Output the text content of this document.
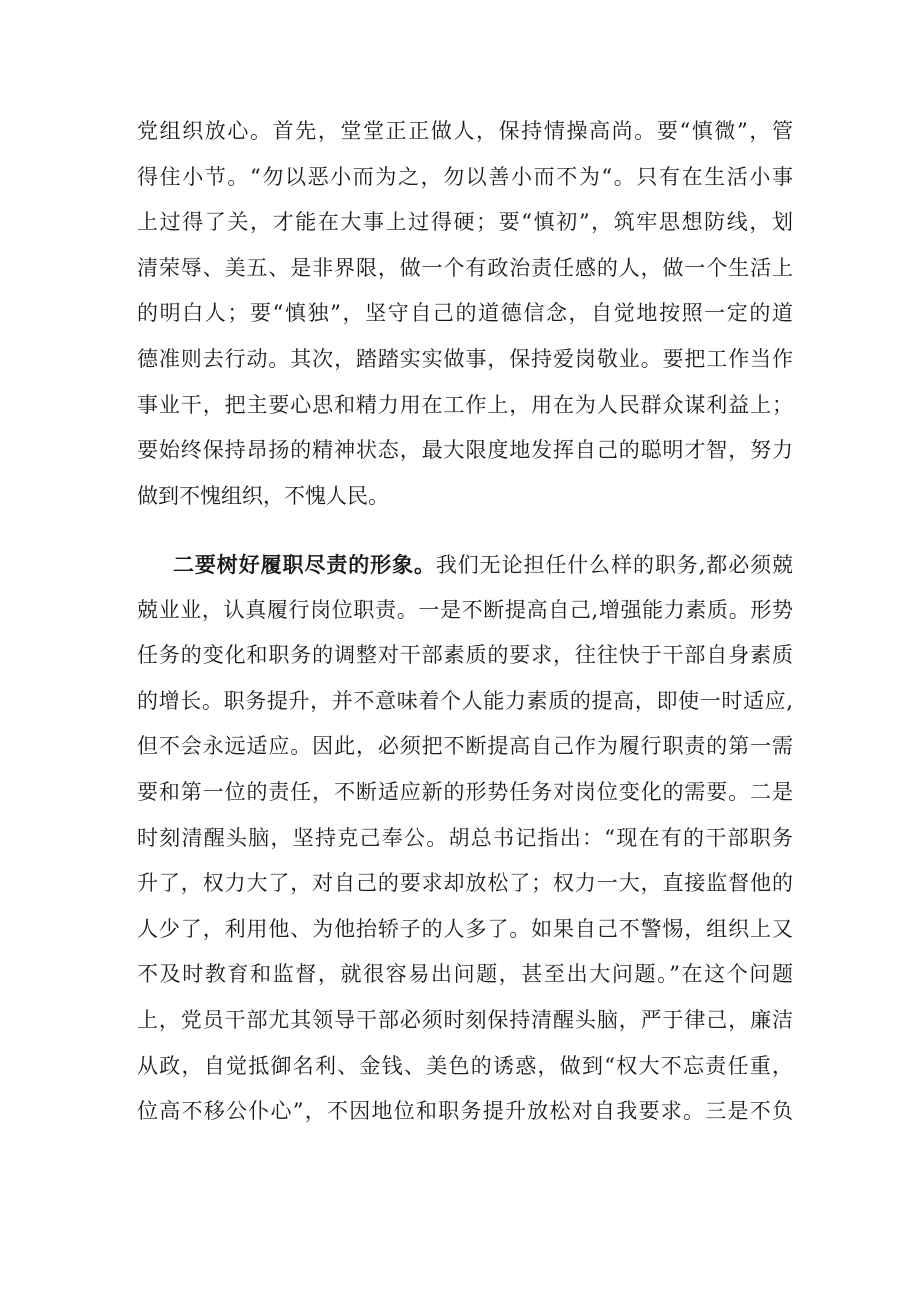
党组织放心。首先，堂堂正正做人，保持情操高尚。要“慎微”，管
得住小节。“勿以恶小而为之，勿以善小而不为“。只有在生活小事
上过得了关，才能在大事上过得硬；要“慎初”，筑牢思想防线，划
清荣辱、美五、是非界限，做一个有政治责任感的人，做一个生活上
的明白人；要“慎独”，坚守自己的道德信念，自觉地按照一定的道
德准则去行动。其次，踏踏实实做事，保持爱岗敬业。要把工作当作
事业干，把主要心思和精力用在工作上，用在为人民群众谋利益上；
要始终保持昂扬的精神状态，最大限度地发挥自己的聪明才智，努力
做到不愧组织，不愧人民。
二要树好履职尽责的形象。我们无论担任什么样的职务,都必须兢
兢业业，认真履行岗位职责。一是不断提高自己,增强能力素质。形势
任务的变化和职务的调整对干部素质的要求，往往快于干部自身素质
的增长。职务提升，并不意味着个人能力素质的提高，即使一时适应,
但不会永远适应。因此，必须把不断提高自己作为履行职责的第一需
要和第一位的责任，不断适应新的形势任务对岗位变化的需要。二是
时刻清醒头脑，坚持克己奉公。胡总书记指出：“现在有的干部职务
升了，权力大了，对自己的要求却放松了；权力一大，直接监督他的
人少了，利用他、为他抬轿子的人多了。如果自己不警惕，组织上又
不及时教育和监督，就很容易出问题，甚至出大问题。”在这个问题
上，党员干部尤其领导干部必须时刻保持清醒头脑，严于律己，廉洁
从政，自觉抵御名利、金钱、美色的诱惑，做到“权大不忘责任重，
位高不移公仆心”，不因地位和职务提升放松对自我要求。三是不负
